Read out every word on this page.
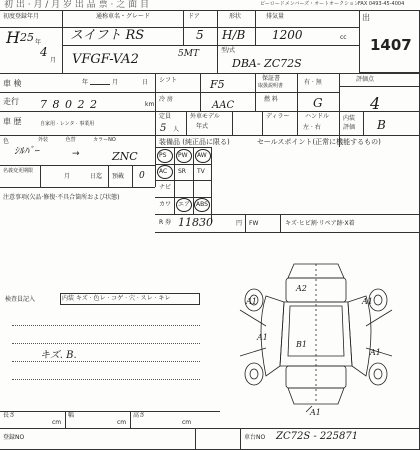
初 出 · 月 / 月 岁 出 品 票 · 之 面 目	ビーロードメンバーズ・オートオークション FAX 0493-45-4004
出
1407
初度登録年月
H 25 年
4
月
通称車名・グレード
スイフト RS
ドア
5
形状
H/B
排気量
1200	cc
VFGF-VA2	5MT	型/式
DBA- ZC72S
車 検	年	月	日 シフト	F5	保証書
取扱説明書	有 · 無	評価点
走行 7 8 0 2 2	km
冷 房
AAC
燃 料	G	4
車 歴	自家用 · レンタ · 事業用
定員
5 人
外車モデル
年式
ディラー	ハンドル
左 · 右
内装
評価 B
色	外装 色替 カラーNO
ｼﾙﾊﾞｰ	→	ZNC
装備品 (純正品に限る)	セールスポイント(正常に機能するもの)
PS PW AW
AC SR TV
ナビ
カワ エア ABS
名義変更期限
月	日迄 預載 0
注意事項(欠品·修復·不具合箇所および状態)
R 券 11830	円 FW	キズ·ヒビ割·リペア跡·X着
検査員記入	内装 キズ · 色レ · コゲ · 穴 · スレ · キレ
キズ. B.
A1	A1
A2
A1
B1
A1
A1
長さ
cm
幅
cm
高さ
cm
登録NO	車台NO ZC72S - 225871
